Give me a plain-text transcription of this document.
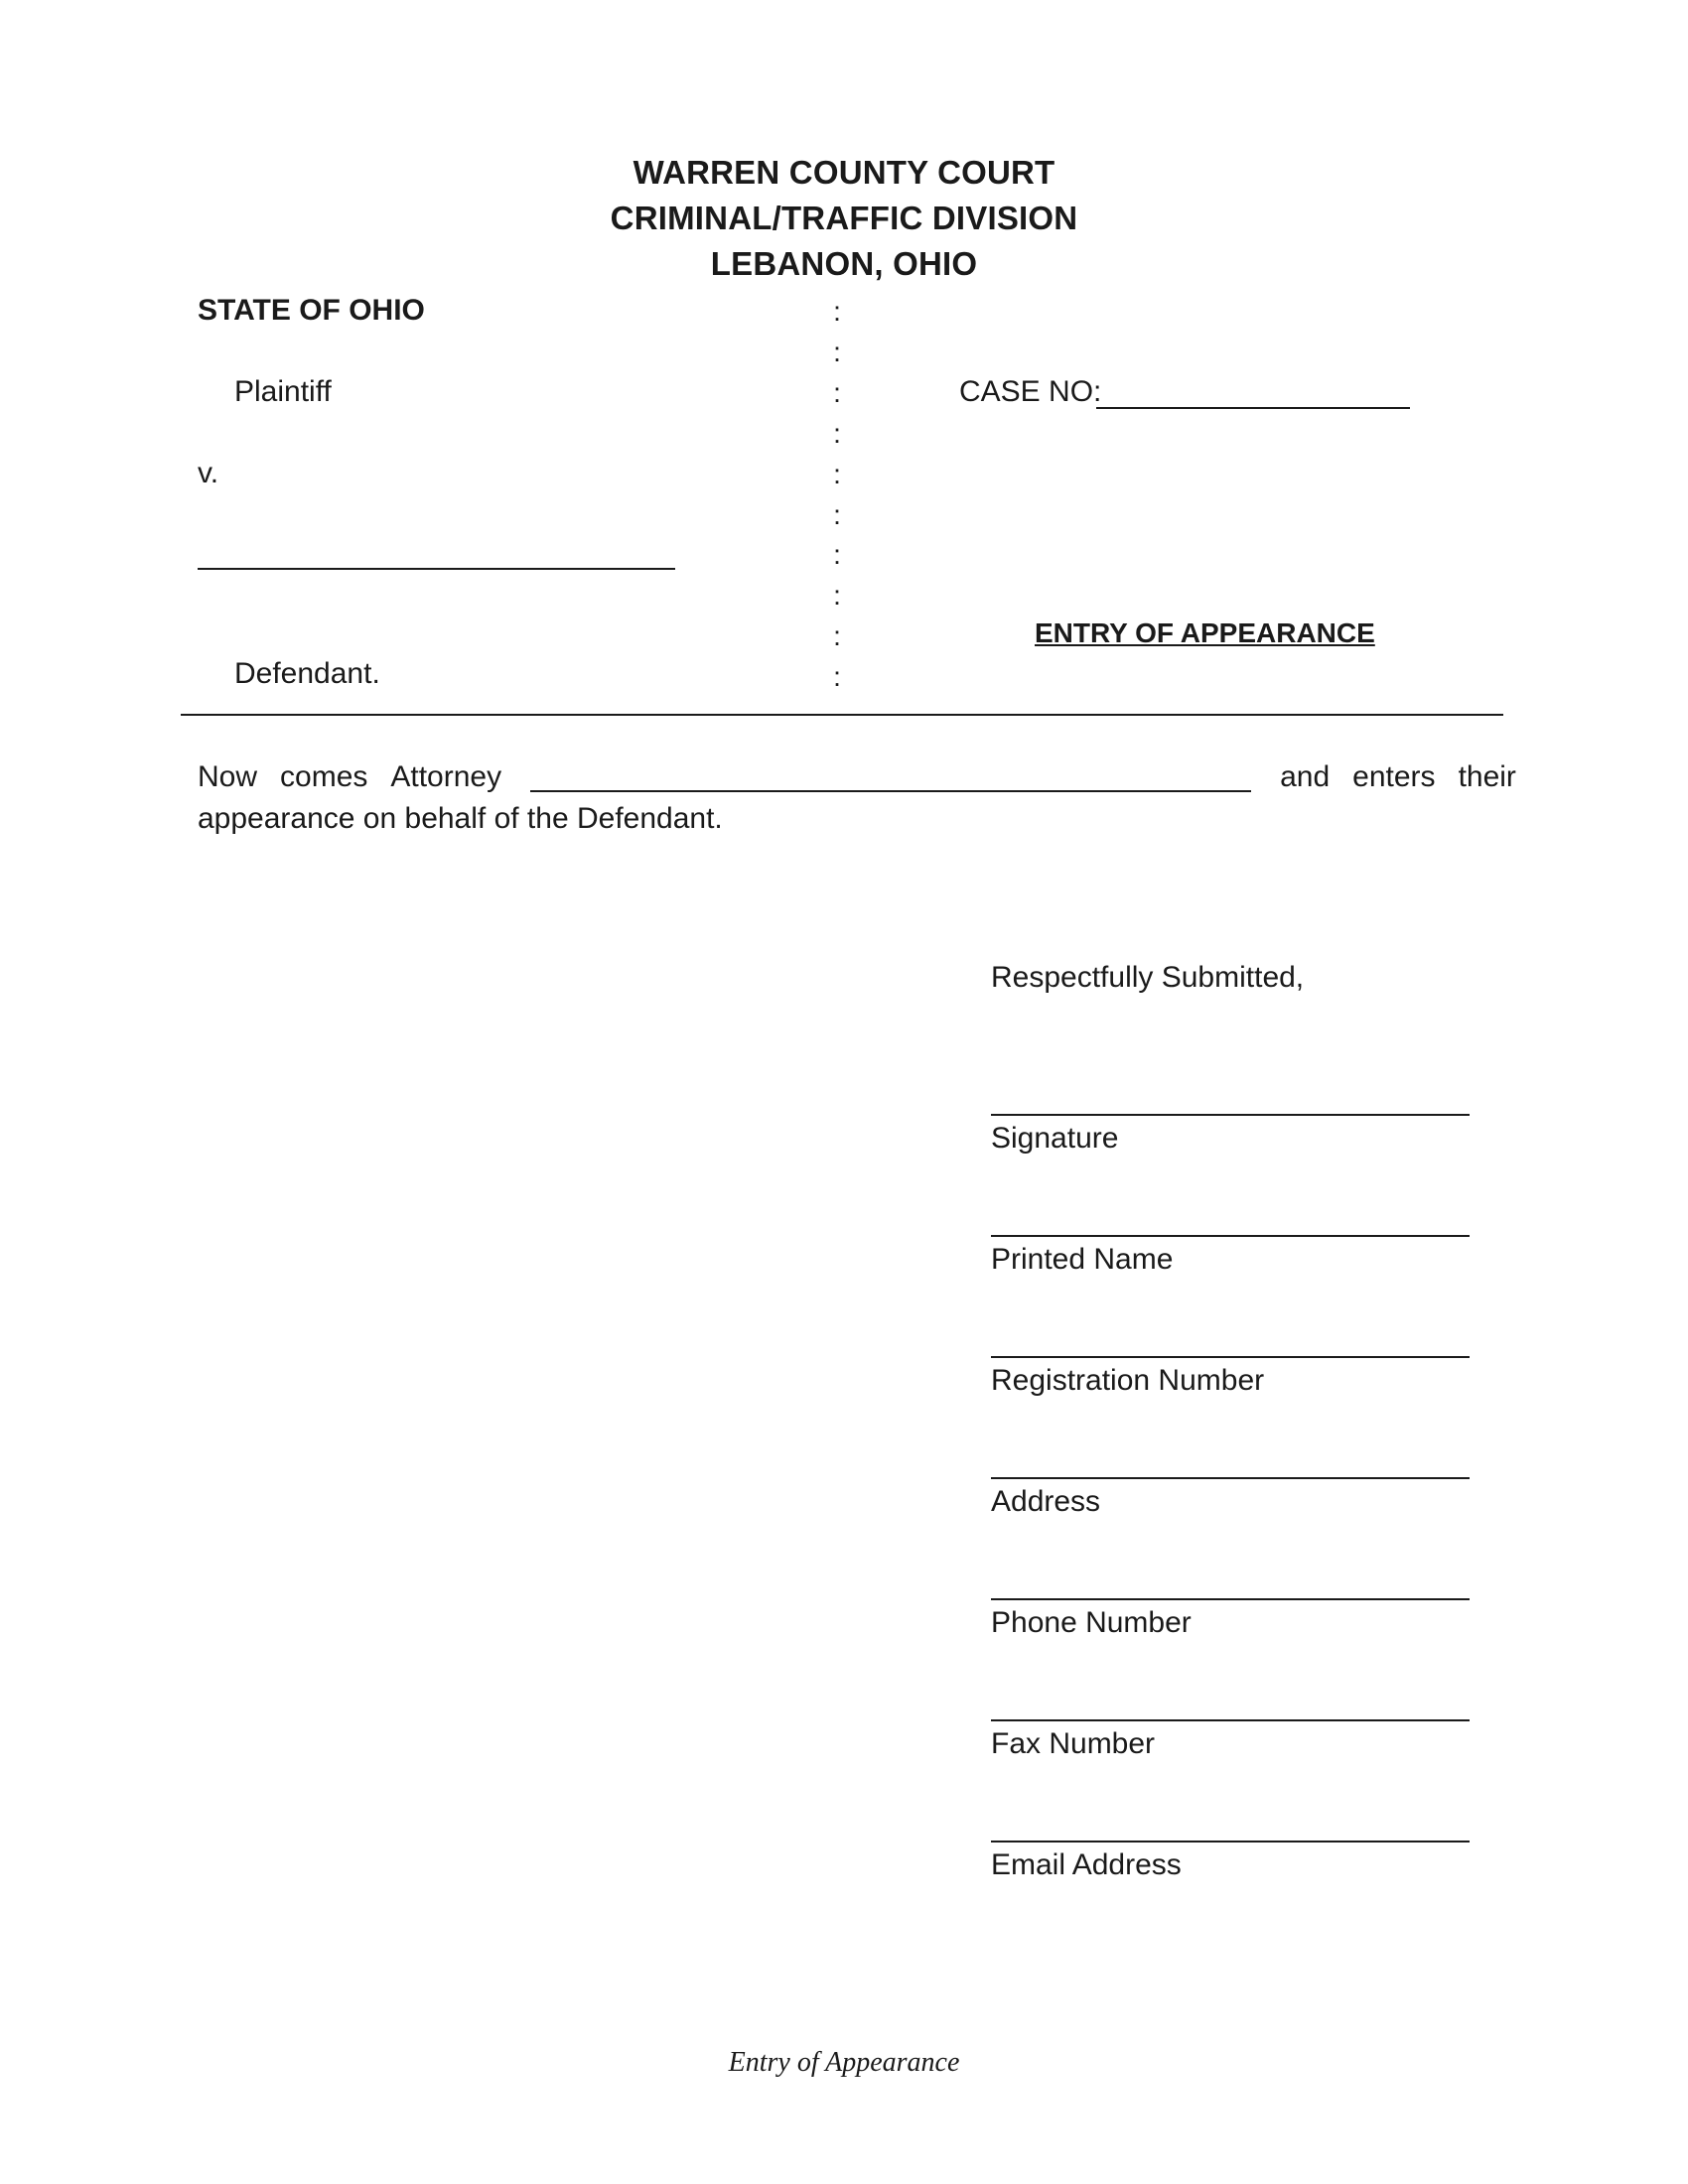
WARREN COUNTY COURT
CRIMINAL/TRAFFIC DIVISION
LEBANON, OHIO
STATE OF OHIO
Plaintiff
v.
Defendant.
:
:
:
:
:
:
:
:
:
:
CASE NO:
ENTRY OF APPEARANCE
Now comes Attorney	and enters their
appearance on behalf of the Defendant.
Respectfully Submitted,
Signature
Printed Name
Registration Number
Address
Phone Number
Fax Number
Email Address
Entry of Appearance
